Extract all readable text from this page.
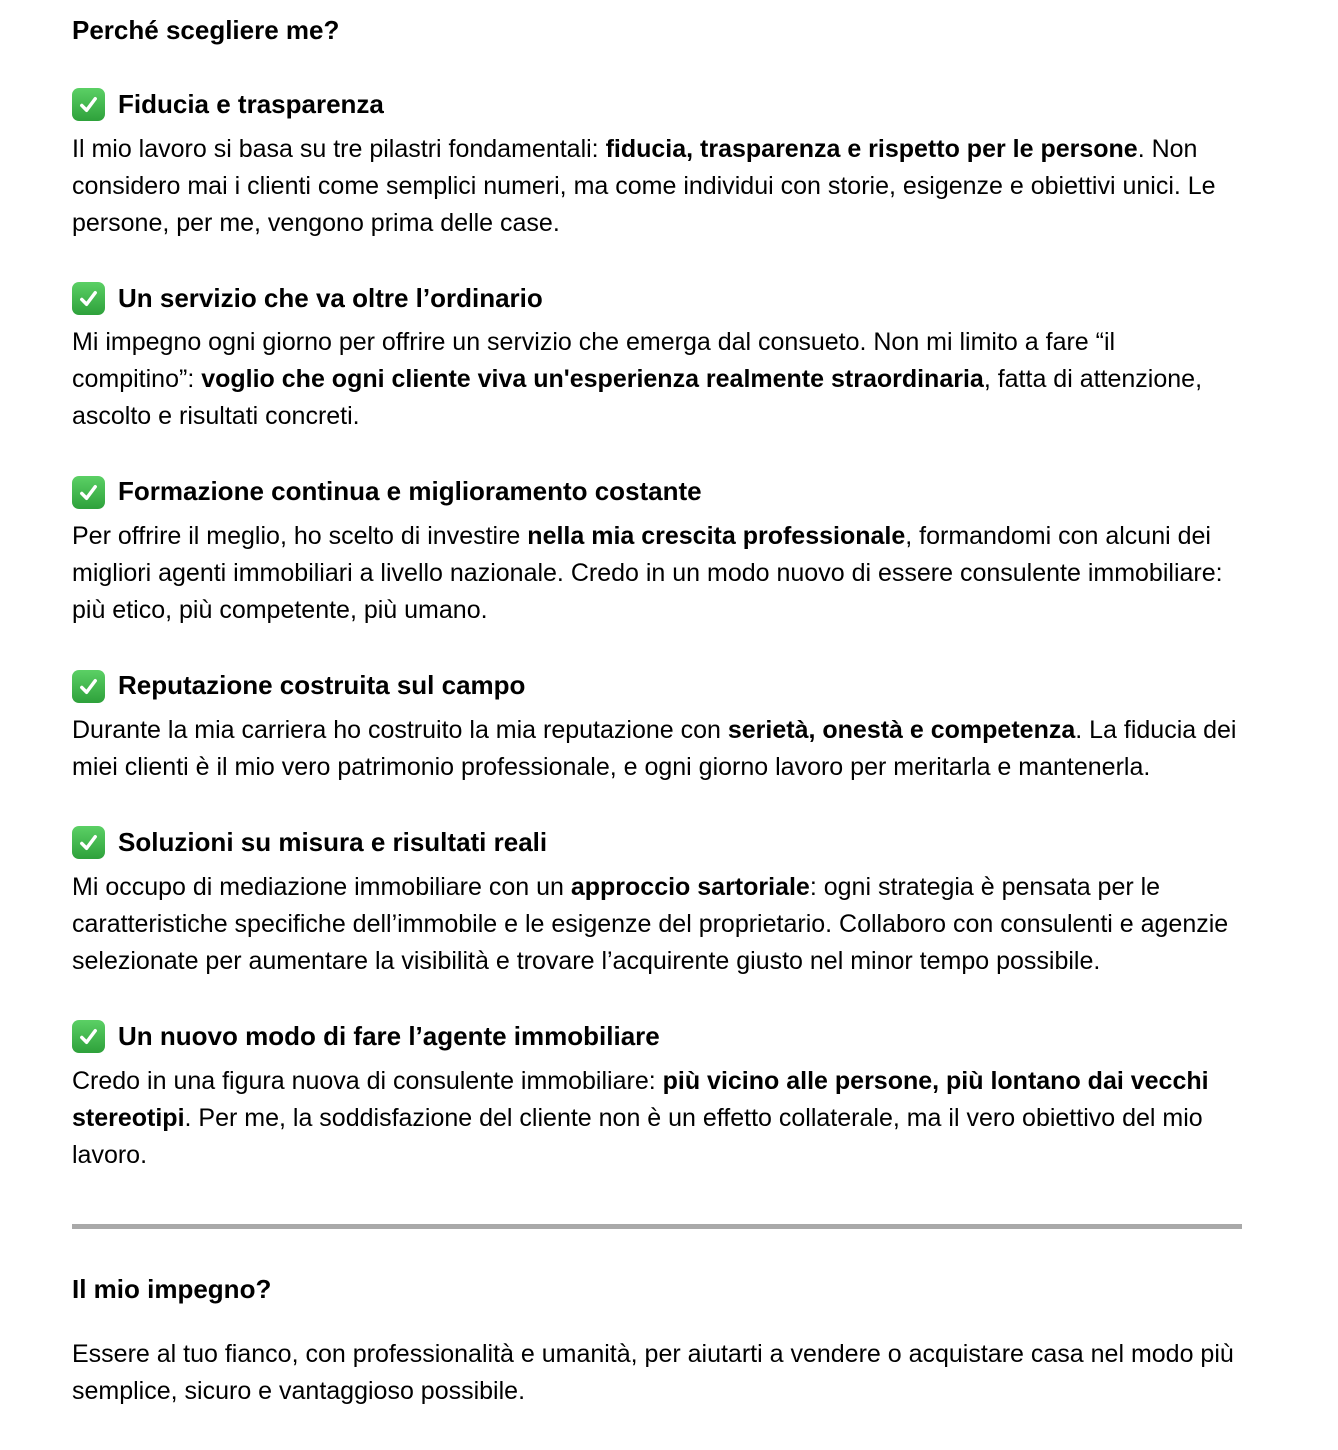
Perché scegliere me?
Fiducia e trasparenza

Il mio lavoro si basa su tre pilastri fondamentali: fiducia, trasparenza e rispetto per le persone. Non considero mai i clienti come semplici numeri, ma come individui con storie, esigenze e obiettivi unici. Le persone, per me, vengono prima delle case.

Un servizio che va oltre l’ordinario

Mi impegno ogni giorno per offrire un servizio che emerga dal consueto. Non mi limito a fare “il compitino”: voglio che ogni cliente viva un'esperienza realmente straordinaria, fatta di attenzione, ascolto e risultati concreti.

Formazione continua e miglioramento costante

Per offrire il meglio, ho scelto di investire nella mia crescita professionale, formandomi con alcuni dei migliori agenti immobiliari a livello nazionale. Credo in un modo nuovo di essere consulente immobiliare: più etico, più competente, più umano.

Reputazione costruita sul campo

Durante la mia carriera ho costruito la mia reputazione con serietà, onestà e competenza. La fiducia dei miei clienti è il mio vero patrimonio professionale, e ogni giorno lavoro per meritarla e mantenerla.

Soluzioni su misura e risultati reali

Mi occupo di mediazione immobiliare con un approccio sartoriale: ogni strategia è pensata per le caratteristiche specifiche dell’immobile e le esigenze del proprietario. Collaboro con consulenti e agenzie selezionate per aumentare la visibilità e trovare l’acquirente giusto nel minor tempo possibile.

Un nuovo modo di fare l’agente immobiliare

Credo in una figura nuova di consulente immobiliare: più vicino alle persone, più lontano dai vecchi stereotipi. Per me, la soddisfazione del cliente non è un effetto collaterale, ma il vero obiettivo del mio lavoro.

Il mio impegno?

Essere al tuo fianco, con professionalità e umanità, per aiutarti a vendere o acquistare casa nel modo più semplice, sicuro e vantaggioso possibile.
